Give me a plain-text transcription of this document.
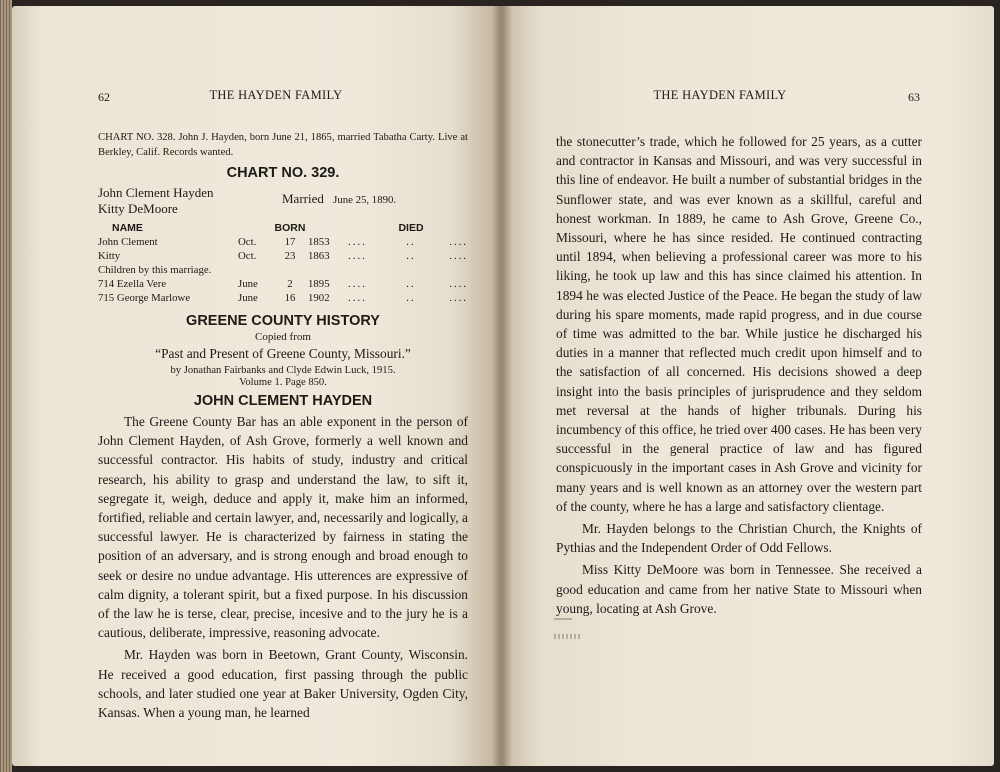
62	THE HAYDEN FAMILY

CHART NO. 328. John J. Hayden, born June 21, 1865, married Tabatha Carty. Live at Berkley, Calif. Records wanted.

CHART NO. 329.
John Clement Hayden
Kitty DeMoore
Married June 25, 1890.
NAME		BORN			DIED	
John Clement	Oct.	17	1853	....	..	....
Kitty	Oct.	23	1863	....	..	....
Children by this marriage.						
714 Ezella Vere	June	2	1895	....	..	....
715 George Marlowe	June	16	1902	....	..	....
GREENE COUNTY HISTORY
Copied from
“Past and Present of Greene County, Missouri.”
by Jonathan Fairbanks and Clyde Edwin Luck, 1915.
Volume 1. Page 850.
JOHN CLEMENT HAYDEN

The Greene County Bar has an able exponent in the person of John Clement Hayden, of Ash Grove, formerly a well known and successful contractor. His habits of study, industry and critical research, his ability to grasp and understand the law, to sift it, segregate it, weigh, deduce and apply it, make him an informed, fortified, reliable and certain lawyer, and, necessarily and logically, a successful lawyer. He is characterized by fairness in stating the position of an adversary, and is strong enough and broad enough to seek or desire no undue advantage. His utterences are expressive of calm dignity, a tolerant spirit, but a fixed purpose. In his discussion of the law he is terse, clear, precise, incesive and to the jury he is a cautious, deliberate, impressive, reasoning advocate.

Mr. Hayden was born in Beetown, Grant County, Wisconsin. He received a good education, first passing through the public schools, and later studied one year at Baker University, Ogden City, Kansas. When a young man, he learned

THE HAYDEN FAMILY	63

the stonecutter’s trade, which he followed for 25 years, as a cutter and contractor in Kansas and Missouri, and was very successful in this line of endeavor. He built a number of substantial bridges in the Sunflower state, and was ever known as a skillful, careful and honest workman. In 1889, he came to Ash Grove, Greene Co., Missouri, where he has since resided. He continued contracting until 1894, when believing a professional career was more to his liking, he took up law and this has since claimed his attention. In 1894 he was elected Justice of the Peace. He began the study of law during his spare moments, made rapid progress, and in due course of time was admitted to the bar. While justice he discharged his duties in a manner that reflected much credit upon himself and to the satisfaction of all concerned. His decisions showed a deep insight into the basis principles of jurisprudence and they seldom met reversal at the hands of higher tribunals. During his incumbency of this office, he tried over 400 cases. He has been very successful in the general practice of law and has figured conspicuously in the important cases in Ash Grove and vicinity for many years and is well known as an attorney over the western part of the county, where he has a large and satisfactory clientage.

Mr. Hayden belongs to the Christian Church, the Knights of Pythias and the Independent Order of Odd Fellows.

Miss Kitty DeMoore was born in Tennessee. She received a good education and came from her native State to Missouri when young, locating at Ash Grove.
